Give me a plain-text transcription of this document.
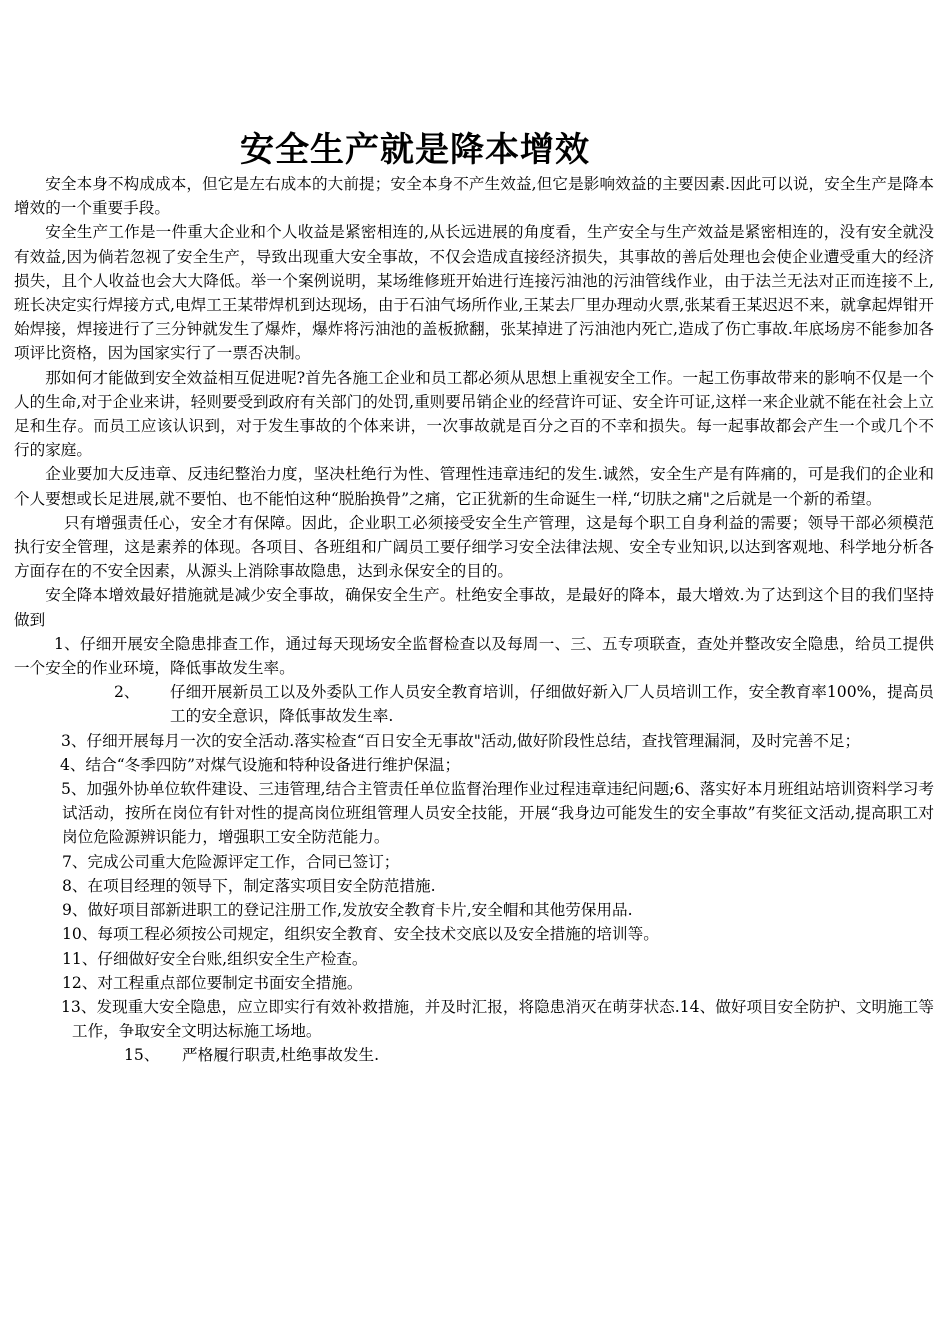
安全生产就是降本增效

安全本身不构成成本，但它是左右成本的大前提；安全本身不产生效益,但它是影响效益的主要因素.因此可以说，安全生产是降本增效的一个重要手段。

安全生产工作是一件重大企业和个人收益是紧密相连的,从长远进展的角度看，生产安全与生产效益是紧密相连的，没有安全就没有效益,因为倘若忽视了安全生产，导致出现重大安全事故，不仅会造成直接经济损失，其事故的善后处理也会使企业遭受重大的经济损失，且个人收益也会大大降低。举一个案例说明，某场维修班开始进行连接污油池的污油管线作业，由于法兰无法对正而连接不上,班长决定实行焊接方式,电焊工王某带焊机到达现场，由于石油气场所作业,王某去厂里办理动火票,张某看王某迟迟不来，就拿起焊钳开始焊接，焊接进行了三分钟就发生了爆炸，爆炸将污油池的盖板掀翻，张某掉进了污油池内死亡,造成了伤亡事故.年底场房不能参加各项评比资格，因为国家实行了一票否决制。

那如何才能做到安全效益相互促进呢?首先各施工企业和员工都必须从思想上重视安全工作。一起工伤事故带来的影响不仅是一个人的生命,对于企业来讲，轻则要受到政府有关部门的处罚,重则要吊销企业的经营许可证、安全许可证,这样一来企业就不能在社会上立足和生存。而员工应该认识到，对于发生事故的个体来讲，一次事故就是百分之百的不幸和损失。每一起事故都会产生一个或几个不行的家庭。

企业要加大反违章、反违纪整治力度，坚决杜绝行为性、管理性违章违纪的发生.诚然，安全生产是有阵痛的，可是我们的企业和个人要想或长足进展,就不要怕、也不能怕这种“脱胎换骨”之痛，它正犹新的生命诞生一样,“切肤之痛"之后就是一个新的希望。

只有增强责任心，安全才有保障。因此，企业职工必须接受安全生产管理，这是每个职工自身利益的需要；领导干部必须模范执行安全管理，这是素养的体现。各项目、各班组和广阔员工要仔细学习安全法律法规、安全专业知识,以达到客观地、科学地分析各方面存在的不安全因素，从源头上消除事故隐患，达到永保安全的目的。

安全降本增效最好措施就是减少安全事故，确保安全生产。杜绝安全事故，是最好的降本，最大增效.为了达到这个目的我们坚持做到

1、仔细开展安全隐患排查工作，通过每天现场安全监督检查以及每周一、三、五专项联查，查处并整改安全隐患，给员工提供一个安全的作业环境，降低事故发生率。

2、 仔细开展新员工以及外委队工作人员安全教育培训，仔细做好新入厂人员培训工作，安全教育率100%，提高员工的安全意识，降低事故发生率.

3、仔细开展每月一次的安全活动.落实检查“百日安全无事故"活动,做好阶段性总结，查找管理漏洞，及时完善不足；

4、结合“冬季四防”对煤气设施和特种设备进行维护保温；

5、加强外协单位软件建设、三违管理,结合主管责任单位监督治理作业过程违章违纪问题;6、落实好本月班组站培训资料学习考试活动，按所在岗位有针对性的提高岗位班组管理人员安全技能，开展“我身边可能发生的安全事故”有奖征文活动,提高职工对岗位危险源辨识能力，增强职工安全防范能力。

7、完成公司重大危险源评定工作，合同已签订；

8、在项目经理的领导下，制定落实项目安全防范措施.

9、做好项目部新进职工的登记注册工作,发放安全教育卡片,安全帽和其他劳保用品.

10、每项工程必须按公司规定，组织安全教育、安全技术交底以及安全措施的培训等。

11、仔细做好安全台账,组织安全生产检查。

12、对工程重点部位要制定书面安全措施。

13、发现重大安全隐患，应立即实行有效补救措施，并及时汇报，将隐患消灭在萌芽状态.14、做好项目安全防护、文明施工等工作，争取安全文明达标施工场地。

15、 严格履行职责,杜绝事故发生.
